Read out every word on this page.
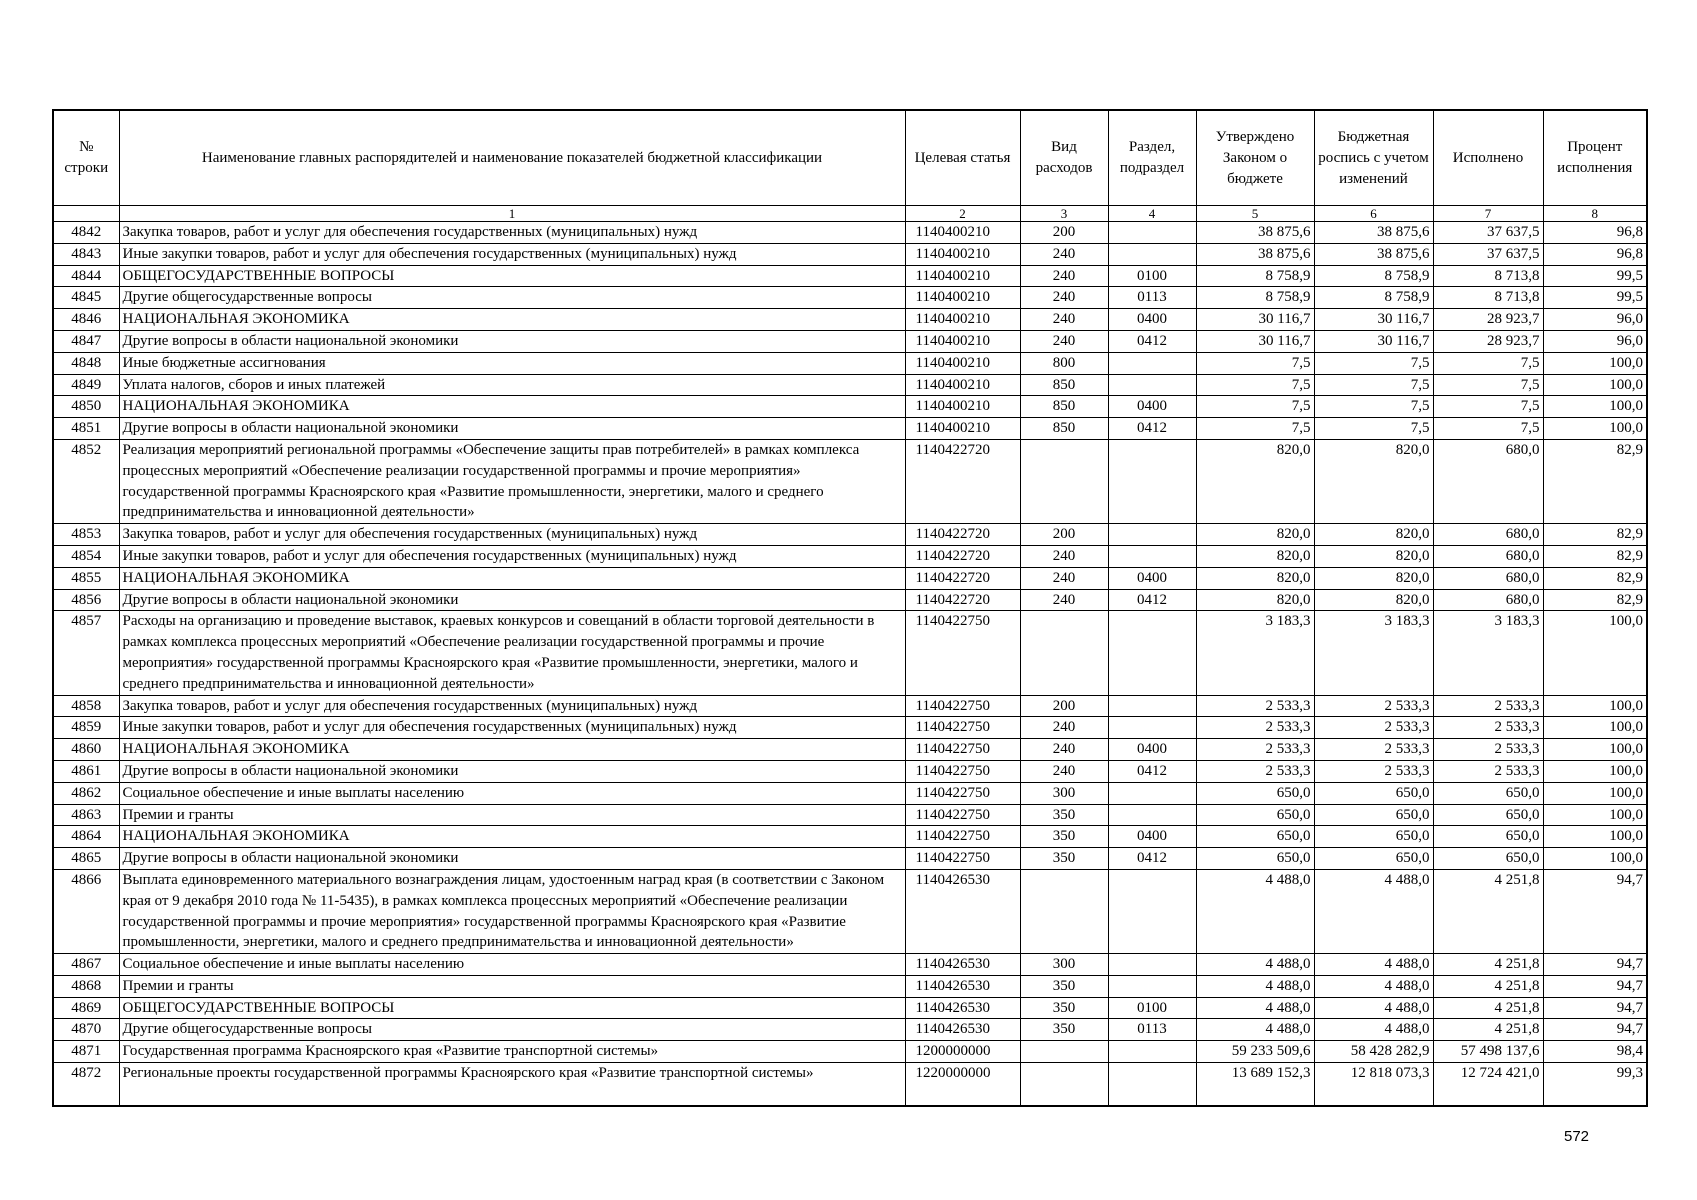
№ строки	Наименование главных распорядителей и наименование показателей бюджетной классификации	Целевая статья	Вид расходов	Раздел, подраздел	Утверждено Законом о бюджете	Бюджетная роспись с учетом изменений	Исполнено	Процент исполнения
	1	2	3	4	5	6	7	8
4842	Закупка товаров, работ и услуг для обеспечения государственных (муниципальных) нужд	1140400210	200		38 875,6	38 875,6	37 637,5	96,8
4843	Иные закупки товаров, работ и услуг для обеспечения государственных (муниципальных) нужд	1140400210	240		38 875,6	38 875,6	37 637,5	96,8
4844	ОБЩЕГОСУДАРСТВЕННЫЕ ВОПРОСЫ	1140400210	240	0100	8 758,9	8 758,9	8 713,8	99,5
4845	Другие общегосударственные вопросы	1140400210	240	0113	8 758,9	8 758,9	8 713,8	99,5
4846	НАЦИОНАЛЬНАЯ ЭКОНОМИКА	1140400210	240	0400	30 116,7	30 116,7	28 923,7	96,0
4847	Другие вопросы в области национальной экономики	1140400210	240	0412	30 116,7	30 116,7	28 923,7	96,0
4848	Иные бюджетные ассигнования	1140400210	800		7,5	7,5	7,5	100,0
4849	Уплата налогов, сборов и иных платежей	1140400210	850		7,5	7,5	7,5	100,0
4850	НАЦИОНАЛЬНАЯ ЭКОНОМИКА	1140400210	850	0400	7,5	7,5	7,5	100,0
4851	Другие вопросы в области национальной экономики	1140400210	850	0412	7,5	7,5	7,5	100,0
4852	Реализация мероприятий региональной программы «Обеспечение защиты прав потребителей» в рамках комплекса процессных мероприятий «Обеспечение реализации государственной программы и прочие мероприятия» государственной программы Красноярского края «Развитие промышленности, энергетики, малого и среднего предпринимательства и инновационной деятельности»	1140422720			820,0	820,0	680,0	82,9
4853	Закупка товаров, работ и услуг для обеспечения государственных (муниципальных) нужд	1140422720	200		820,0	820,0	680,0	82,9
4854	Иные закупки товаров, работ и услуг для обеспечения государственных (муниципальных) нужд	1140422720	240		820,0	820,0	680,0	82,9
4855	НАЦИОНАЛЬНАЯ ЭКОНОМИКА	1140422720	240	0400	820,0	820,0	680,0	82,9
4856	Другие вопросы в области национальной экономики	1140422720	240	0412	820,0	820,0	680,0	82,9
4857	Расходы на организацию и проведение выставок, краевых конкурсов и совещаний в области торговой деятельности в рамках комплекса процессных мероприятий «Обеспечение реализации государственной программы и прочие мероприятия» государственной программы Красноярского края «Развитие промышленности, энергетики, малого и среднего предпринимательства и инновационной деятельности»	1140422750			3 183,3	3 183,3	3 183,3	100,0
4858	Закупка товаров, работ и услуг для обеспечения государственных (муниципальных) нужд	1140422750	200		2 533,3	2 533,3	2 533,3	100,0
4859	Иные закупки товаров, работ и услуг для обеспечения государственных (муниципальных) нужд	1140422750	240		2 533,3	2 533,3	2 533,3	100,0
4860	НАЦИОНАЛЬНАЯ ЭКОНОМИКА	1140422750	240	0400	2 533,3	2 533,3	2 533,3	100,0
4861	Другие вопросы в области национальной экономики	1140422750	240	0412	2 533,3	2 533,3	2 533,3	100,0
4862	Социальное обеспечение и иные выплаты населению	1140422750	300		650,0	650,0	650,0	100,0
4863	Премии и гранты	1140422750	350		650,0	650,0	650,0	100,0
4864	НАЦИОНАЛЬНАЯ ЭКОНОМИКА	1140422750	350	0400	650,0	650,0	650,0	100,0
4865	Другие вопросы в области национальной экономики	1140422750	350	0412	650,0	650,0	650,0	100,0
4866	Выплата единовременного материального вознаграждения лицам, удостоенным наград края (в соответствии с Законом края от 9 декабря 2010 года № 11-5435), в рамках комплекса процессных мероприятий «Обеспечение реализации государственной программы и прочие мероприятия» государственной программы Красноярского края «Развитие промышленности, энергетики, малого и среднего предпринимательства и инновационной деятельности»	1140426530			4 488,0	4 488,0	4 251,8	94,7
4867	Социальное обеспечение и иные выплаты населению	1140426530	300		4 488,0	4 488,0	4 251,8	94,7
4868	Премии и гранты	1140426530	350		4 488,0	4 488,0	4 251,8	94,7
4869	ОБЩЕГОСУДАРСТВЕННЫЕ ВОПРОСЫ	1140426530	350	0100	4 488,0	4 488,0	4 251,8	94,7
4870	Другие общегосударственные вопросы	1140426530	350	0113	4 488,0	4 488,0	4 251,8	94,7
4871	Государственная программа Красноярского края «Развитие транспортной системы»	1200000000			59 233 509,6	58 428 282,9	57 498 137,6	98,4
4872	Региональные проекты государственной программы Красноярского края «Развитие транспортной системы»	1220000000			13 689 152,3	12 818 073,3	12 724 421,0	99,3
572
